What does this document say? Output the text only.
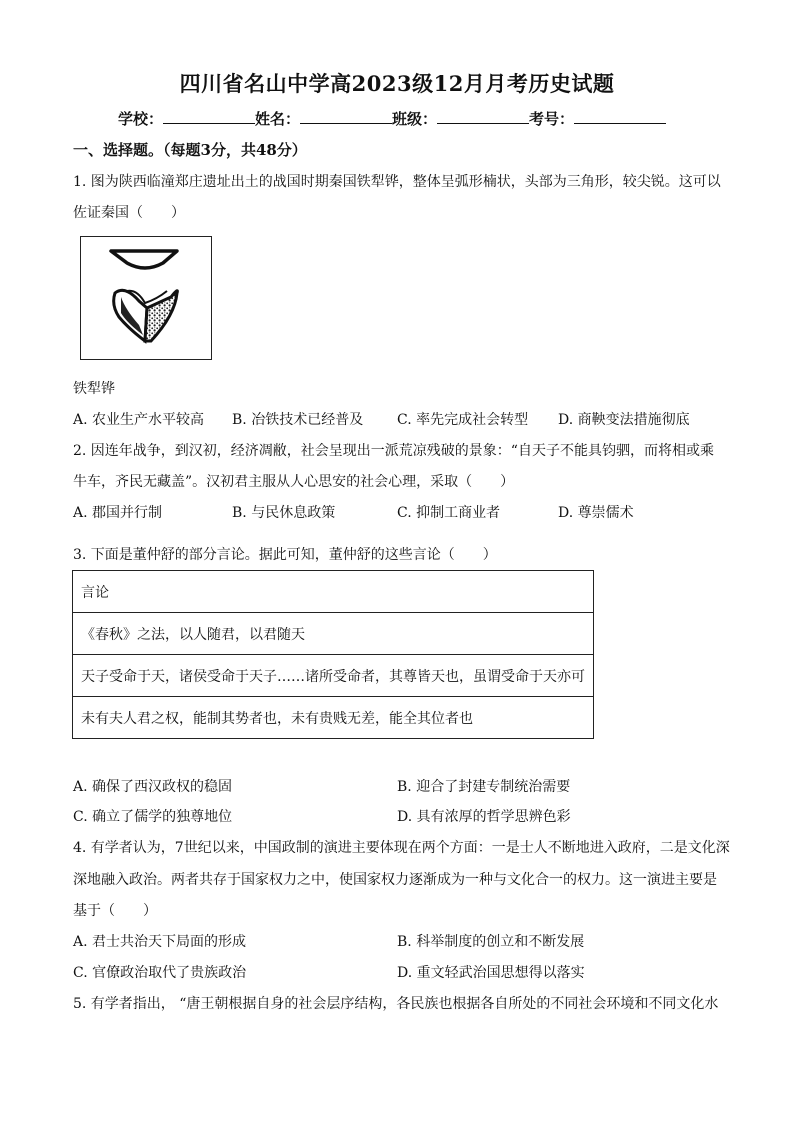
四川省名山中学高2023级12月月考历史试题
学校：	姓名：	班级：	考号：
一、选择题。（每题3分，共48分）
1. 图为陕西临潼郑庄遗址出土的战国时期秦国铁犁铧，整体呈弧形楠状，头部为三角形，较尖锐。这可以
佐证秦国（　　）
铁犁铧
A. 农业生产水平较高 B. 冶铁技术已经普及 C. 率先完成社会转型 D. 商鞅变法措施彻底
2. 因连年战争，到汉初，经济凋敝，社会呈现出一派荒凉残破的景象：“自天子不能具钧驷，而将相或乘
牛车，齐民无藏盖”。汉初君主服从人心思安的社会心理，采取（　　）
A. 郡国并行制	B. 与民休息政策	C. 抑制工商业者	D. 尊崇儒术
3. 下面是董仲舒的部分言论。据此可知，董仲舒的这些言论（　　）
言论
《春秋》之法，以人随君，以君随天
天子受命于天，诸侯受命于天子……诸所受命者，其尊皆天也，虽谓受命于天亦可
未有夫人君之权，能制其势者也，未有贵贱无差，能全其位者也
A. 确保了西汉政权的稳固	B. 迎合了封建专制统治需要
C. 确立了儒学的独尊地位	D. 具有浓厚的哲学思辨色彩
4. 有学者认为，7世纪以来，中国政制的演进主要体现在两个方面：一是士人不断地进入政府，二是文化深
深地融入政治。两者共存于国家权力之中，使国家权力逐渐成为一种与文化合一的权力。这一演进主要是
基于（　　）
A. 君士共治天下局面的形成	B. 科举制度的创立和不断发展
C. 官僚政治取代了贵族政治	D. 重文轻武治国思想得以落实
5. 有学者指出， “唐王朝根据自身的社会层序结构，各民族也根据各自所处的不同社会环境和不同文化水
